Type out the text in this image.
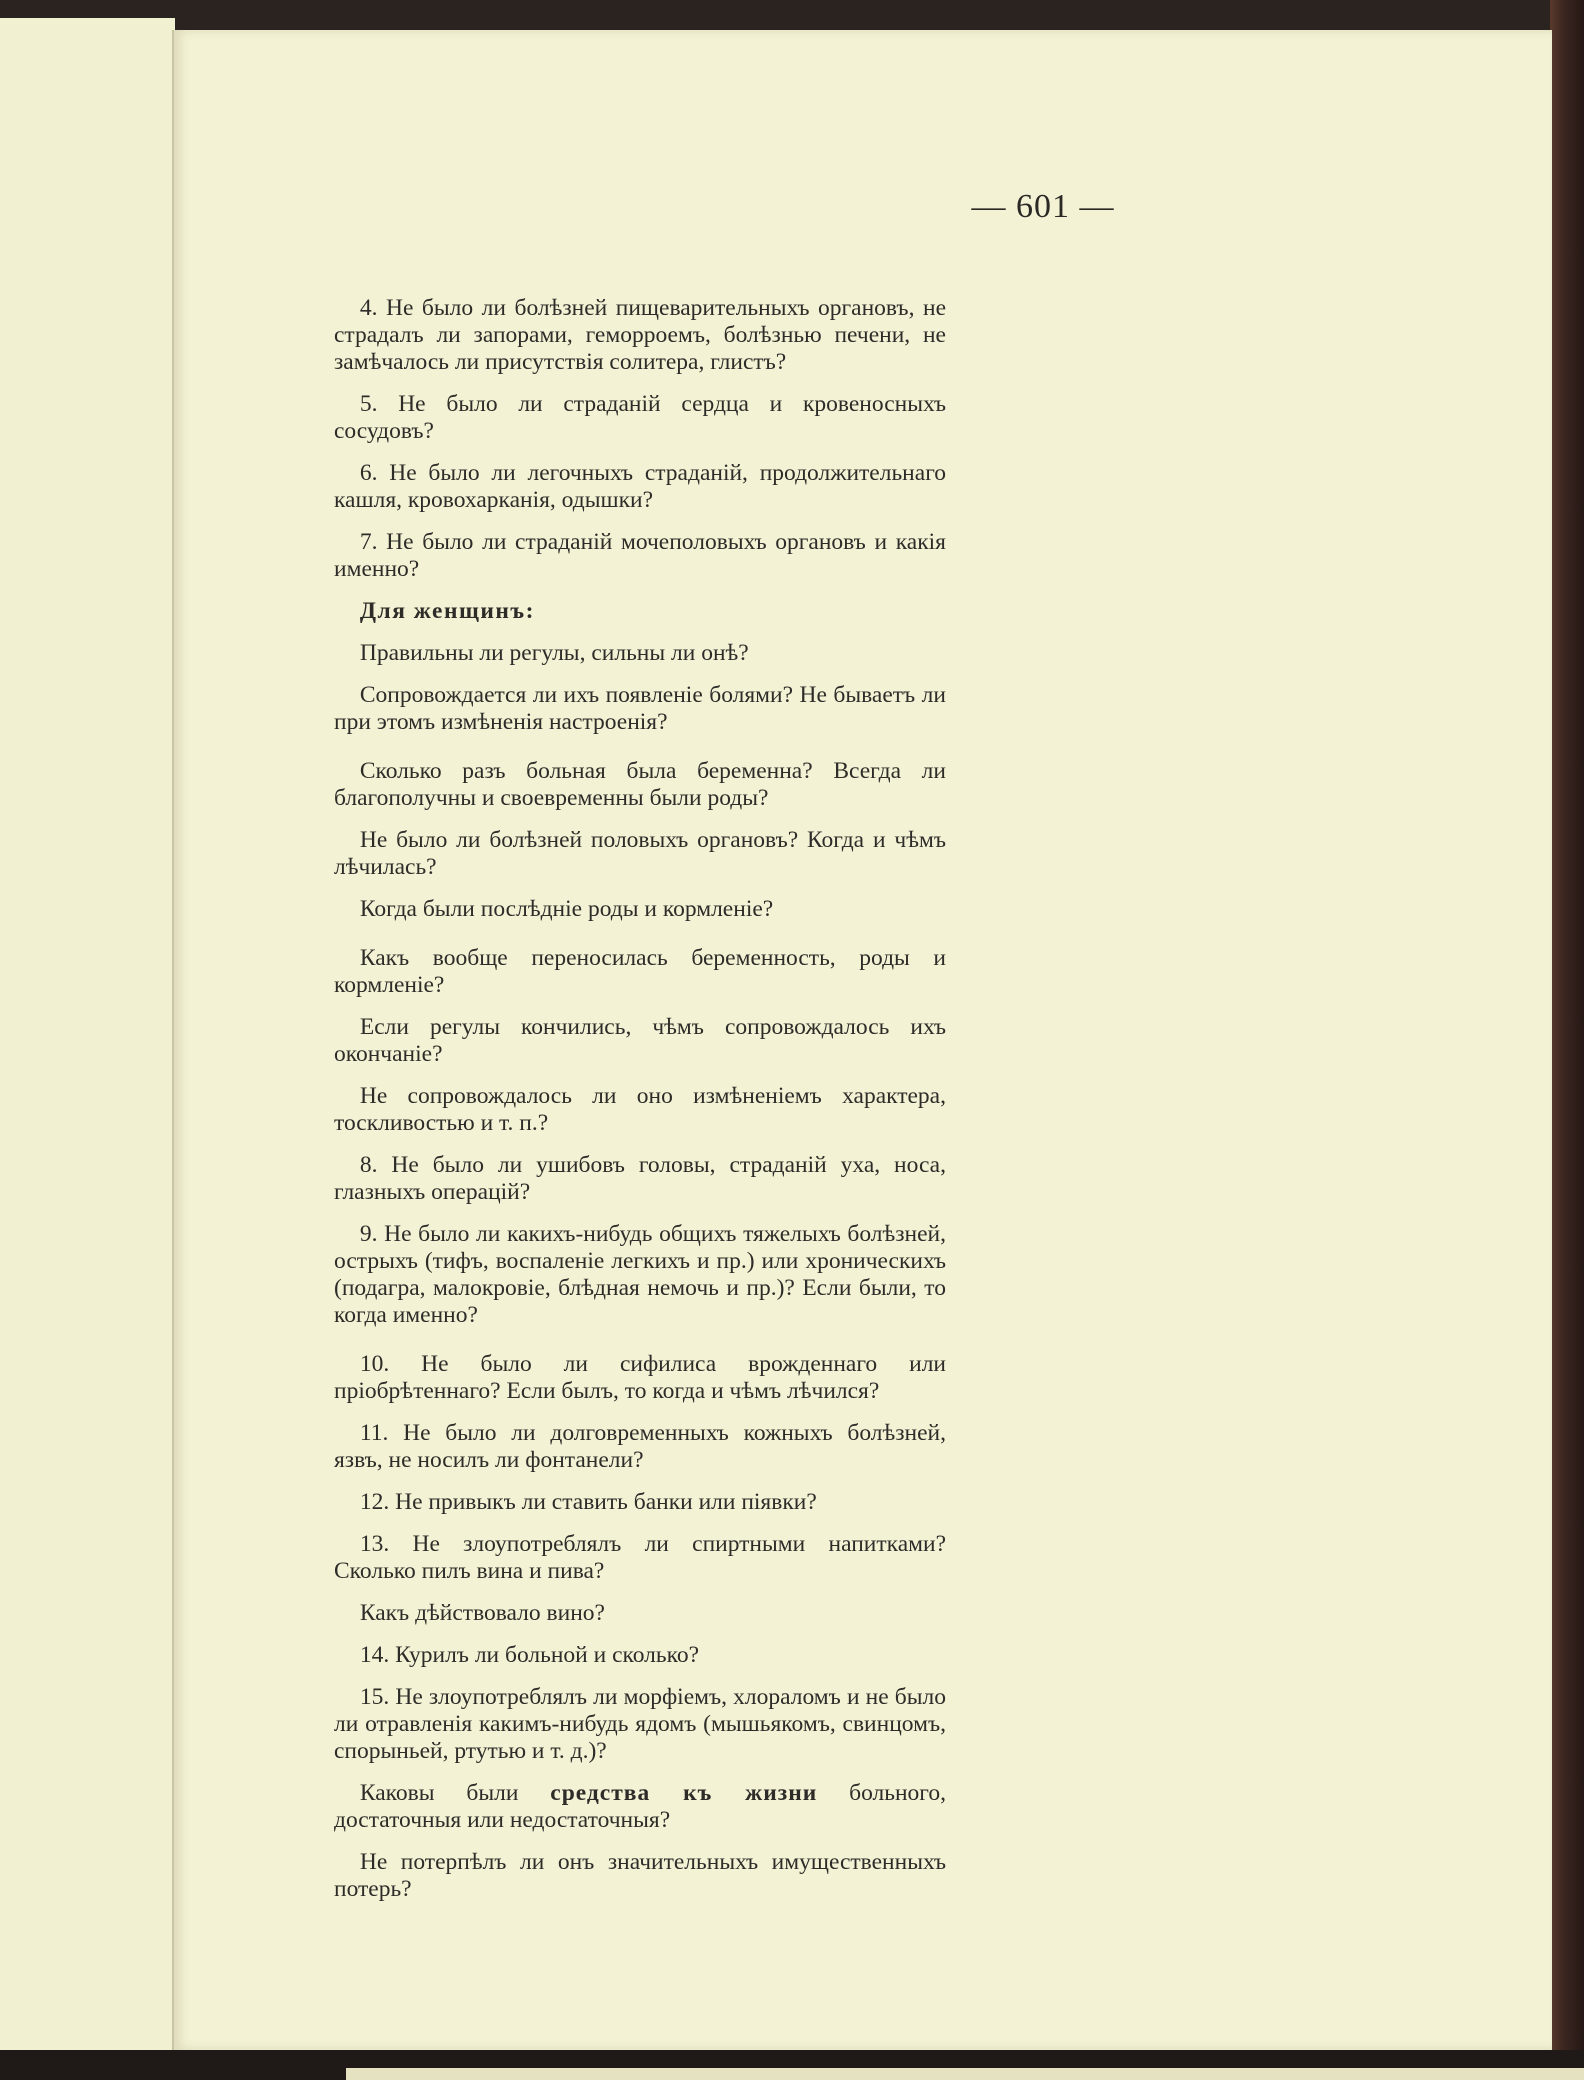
— 601 —

4. Не было ли болѣзней пищеварительныхъ органовъ, не страдалъ ли запорами, геморроемъ, болѣзнью печени, не замѣчалось ли присутствія солитера, глистъ?

5. Не было ли страданій сердца и кровеносныхъ сосудовъ?

6. Не было ли легочныхъ страданій, продолжительнаго кашля, кровохарканія, одышки?

7. Не было ли страданій мочеполовыхъ органовъ и какія именно?

Для женщинъ:

Правильны ли регулы, сильны ли онѣ?

Сопровождается ли ихъ появленіе болями? Не бываетъ ли при этомъ измѣненія настроенія?

Сколько разъ больная была беременна? Всегда ли благополучны и своевременны были роды?

Не было ли болѣзней половыхъ органовъ? Когда и чѣмъ лѣчилась?

Когда были послѣдніе роды и кормленіе?

Какъ вообще переносилась беременность, роды и кормленіе?

Если регулы кончились, чѣмъ сопровождалось ихъ окончаніе?

Не сопровождалось ли оно измѣненіемъ характера, тоскливостью и т. п.?

8. Не было ли ушибовъ головы, страданій уха, носа, глазныхъ операцій?

9. Не было ли какихъ-нибудь общихъ тяжелыхъ болѣзней, острыхъ (тифъ, воспаленіе легкихъ и пр.) или хроническихъ (подагра, малокровіе, блѣдная немочь и пр.)? Если были, то когда именно?

10. Не было ли сифилиса врожденнаго или пріобрѣтеннаго? Если былъ, то когда и чѣмъ лѣчился?

11. Не было ли долговременныхъ кожныхъ болѣзней, язвъ, не носилъ ли фонтанели?

12. Не привыкъ ли ставить банки или піявки?

13. Не злоупотреблялъ ли спиртными напитками? Сколько пилъ вина и пива?

Какъ дѣйствовало вино?

14. Курилъ ли больной и сколько?

15. Не злоупотреблялъ ли морфіемъ, хлораломъ и не было ли отравленія какимъ-нибудь ядомъ (мышьякомъ, свинцомъ, спорыньей, ртутью и т. д.)?

Каковы были средства къ жизни больного, достаточныя или недостаточныя?

Не потерпѣлъ ли онъ значительныхъ имущественныхъ потерь?
